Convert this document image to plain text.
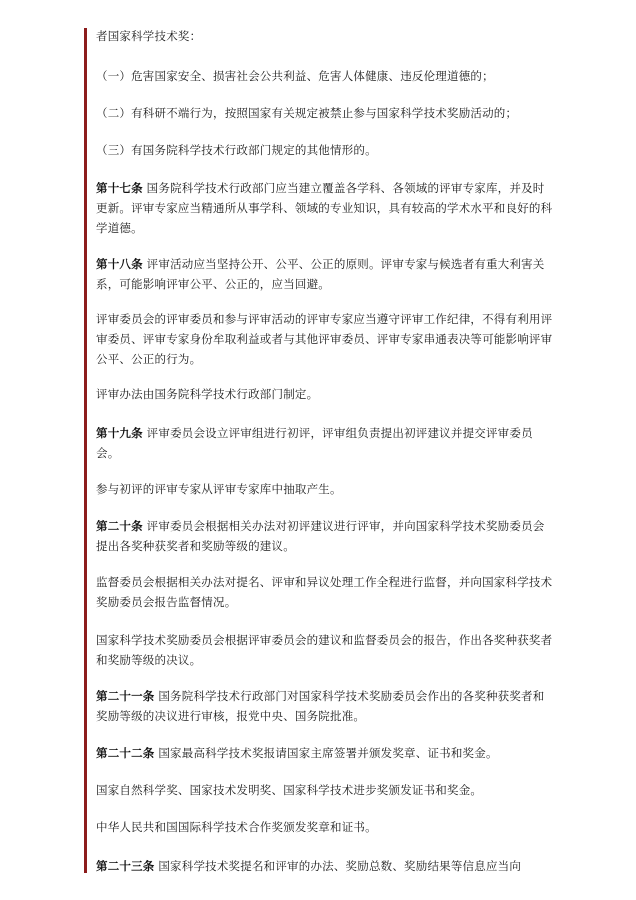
者国家科学技术奖：

（一）危害国家安全、损害社会公共利益、危害人体健康、违反伦理道德的；

（二）有科研不端行为，按照国家有关规定被禁止参与国家科学技术奖励活动的；

（三）有国务院科学技术行政部门规定的其他情形的。

第十七条 国务院科学技术行政部门应当建立覆盖各学科、各领域的评审专家库，并及时更新。评审专家应当精通所从事学科、领域的专业知识，具有较高的学术水平和良好的科学道德。

第十八条 评审活动应当坚持公开、公平、公正的原则。评审专家与候选者有重大利害关系，可能影响评审公平、公正的，应当回避。

评审委员会的评审委员和参与评审活动的评审专家应当遵守评审工作纪律，不得有利用评审委员、评审专家身份牟取利益或者与其他评审委员、评审专家串通表决等可能影响评审公平、公正的行为。

评审办法由国务院科学技术行政部门制定。

第十九条 评审委员会设立评审组进行初评，评审组负责提出初评建议并提交评审委员会。

参与初评的评审专家从评审专家库中抽取产生。

第二十条 评审委员会根据相关办法对初评建议进行评审，并向国家科学技术奖励委员会提出各奖种获奖者和奖励等级的建议。

监督委员会根据相关办法对提名、评审和异议处理工作全程进行监督，并向国家科学技术奖励委员会报告监督情况。

国家科学技术奖励委员会根据评审委员会的建议和监督委员会的报告，作出各奖种获奖者和奖励等级的决议。

第二十一条 国务院科学技术行政部门对国家科学技术奖励委员会作出的各奖种获奖者和奖励等级的决议进行审核，报党中央、国务院批准。

第二十二条 国家最高科学技术奖报请国家主席签署并颁发奖章、证书和奖金。

国家自然科学奖、国家技术发明奖、国家科学技术进步奖颁发证书和奖金。

中华人民共和国国际科学技术合作奖颁发奖章和证书。

第二十三条 国家科学技术奖提名和评审的办法、奖励总数、奖励结果等信息应当向
